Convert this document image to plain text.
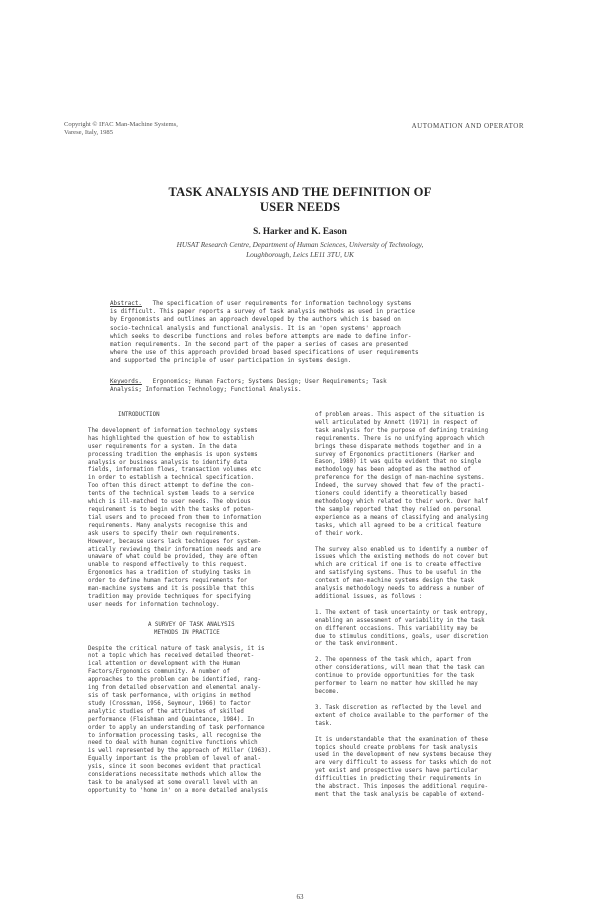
Copyright © IFAC Man-Machine Systems,
Varese, Italy, 1985
AUTOMATION AND OPERATOR
TASK ANALYSIS AND THE DEFINITION OF
USER NEEDS
S. Harker and K. Eason
HUSAT Research Centre, Department of Human Sciences, University of Technology,
Loughborough, Leics LE11 3TU, UK
Abstract. The specification of user requirements for information technology systems
is difficult. This paper reports a survey of task analysis methods as used in practice
by Ergonomists and outlines an approach developed by the authors which is based on
socio-technical analysis and functional analysis. It is an 'open systems' approach
which seeks to describe functions and roles before attempts are made to define infor-
mation requirements. In the second part of the paper a series of cases are presented
where the use of this approach provided broad based specifications of user requirements
and supported the principle of user participation in systems design.
Keywords. Ergonomics; Human Factors; Systems Design; User Requirements; Task
Analysis; Information Technology; Functional Analysis.
INTRODUCTION
The development of information technology systems
has highlighted the question of how to establish
user requirements for a system. In the data
processing tradition the emphasis is upon systems
analysis or business analysis to identify data
fields, information flows, transaction volumes etc
in order to establish a technical specification.
Too often this direct attempt to define the con-
tents of the technical system leads to a service
which is ill-matched to user needs. The obvious
requirement is to begin with the tasks of poten-
tial users and to proceed from them to information
requirements. Many analysts recognise this and
ask users to specify their own requirements.
However, because users lack techniques for system-
atically reviewing their information needs and are
unaware of what could be provided, they are often
unable to respond effectively to this request.
Ergonomics has a tradition of studying tasks in
order to define human factors requirements for
man-machine systems and it is possible that this
tradition may provide techniques for specifying
user needs for information technology.
A SURVEY OF TASK ANALYSIS
METHODS IN PRACTICE
Despite the critical nature of task analysis, it is
not a topic which has received detailed theoret-
ical attention or development with the Human
Factors/Ergonomics community. A number of
approaches to the problem can be identified, rang-
ing from detailed observation and elemental analy-
sis of task performance, with origins in method
study (Crossman, 1956, Seymour, 1966) to factor
analytic studies of the attributes of skilled
performance (Fleishman and Quaintance, 1984). In
order to apply an understanding of task performance
to information processing tasks, all recognise the
need to deal with human cognitive functions which
is well represented by the approach of Miller (1963).
Equally important is the problem of level of anal-
ysis, since it soon becomes evident that practical
considerations necessitate methods which allow the
task to be analysed at some overall level with an
opportunity to 'home in' on a more detailed analysis
of problem areas. This aspect of the situation is
well articulated by Annett (1971) in respect of
task analysis for the purpose of defining training
requirements. There is no unifying approach which
brings these disparate methods together and in a
survey of Ergonomics practitioners (Harker and
Eason, 1980) it was quite evident that no single
methodology has been adopted as the method of
preference for the design of man-machine systems.
Indeed, the survey showed that few of the practi-
tioners could identify a theoretically based
methodology which related to their work. Over half
the sample reported that they relied on personal
experience as a means of classifying and analysing
tasks, which all agreed to be a critical feature
of their work.
The survey also enabled us to identify a number of
issues which the existing methods do not cover but
which are critical if one is to create effective
and satisfying systems. Thus to be useful in the
context of man-machine systems design the task
analysis methodology needs to address a number of
additional issues, as follows :
1. The extent of task uncertainty or task entropy,
enabling an assessment of variability in the task
on different occasions. This variability may be
due to stimulus conditions, goals, user discretion
or the task environment.
2. The openness of the task which, apart from
other considerations, will mean that the task can
continue to provide opportunities for the task
performer to learn no matter how skilled he may
become.
3. Task discretion as reflected by the level and
extent of choice available to the performer of the
task.
It is understandable that the examination of these
topics should create problems for task analysis
used in the development of new systems because they
are very difficult to assess for tasks which do not
yet exist and prospective users have particular
difficulties in predicting their requirements in
the abstract. This imposes the additional require-
ment that the task analysis be capable of extend-
63
